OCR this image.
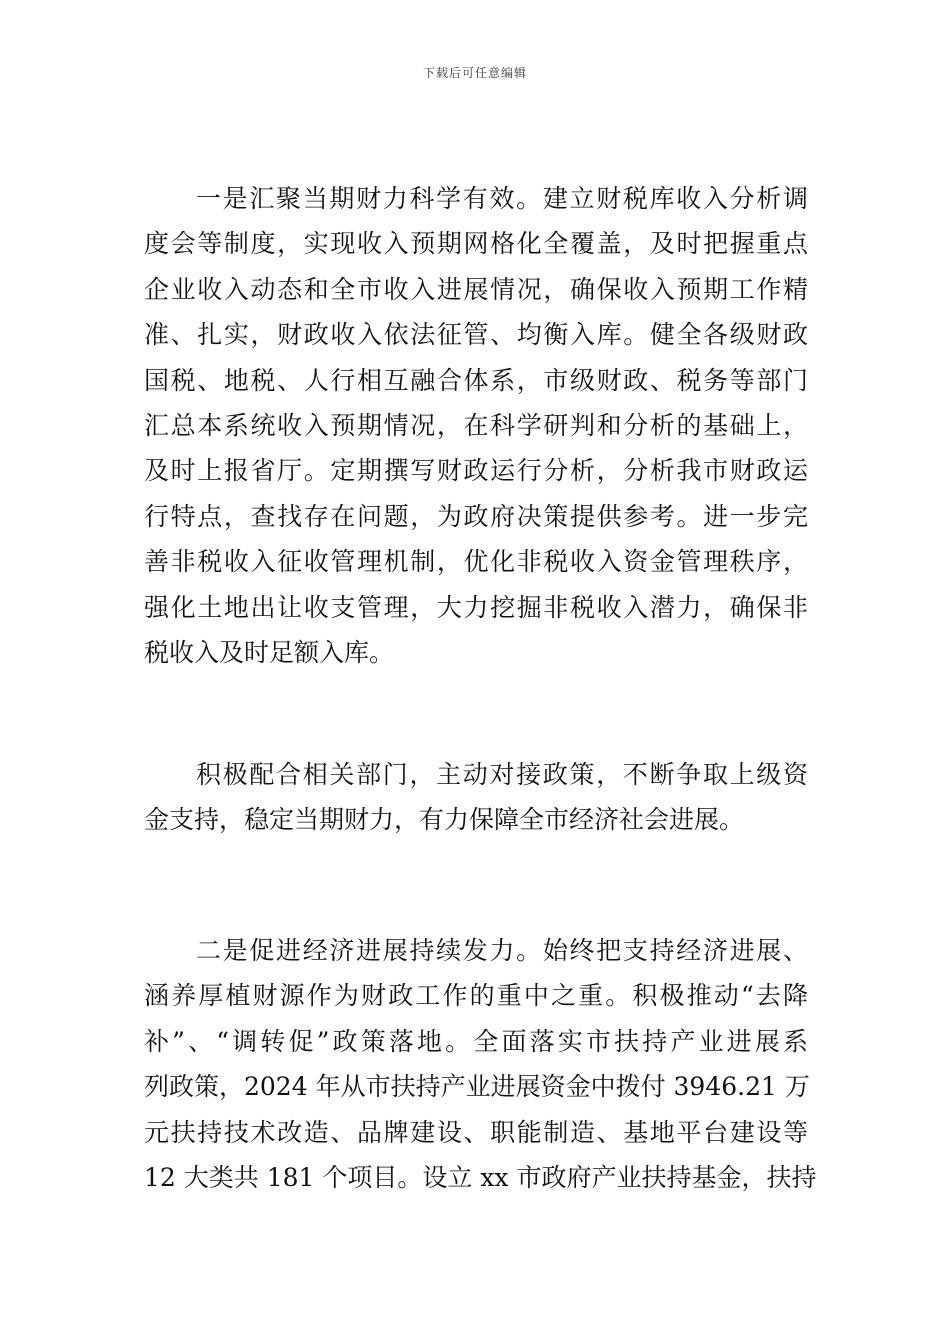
下载后可任意编辑
一是汇聚当期财力科学有效。建立财税库收入分析调
度会等制度，实现收入预期网格化全覆盖，及时把握重点
企业收入动态和全市收入进展情况，确保收入预期工作精
准、扎实，财政收入依法征管、均衡入库。健全各级财政
国税、地税、人行相互融合体系，市级财政、税务等部门
汇总本系统收入预期情况，在科学研判和分析的基础上，
及时上报省厅。定期撰写财政运行分析，分析我市财政运
行特点，查找存在问题，为政府决策提供参考。进一步完
善非税收入征收管理机制，优化非税收入资金管理秩序，
强化土地出让收支管理，大力挖掘非税收入潜力，确保非
税收入及时足额入库。
积极配合相关部门，主动对接政策，不断争取上级资
金支持，稳定当期财力，有力保障全市经济社会进展。
二是促进经济进展持续发力。始终把支持经济进展、
涵养厚植财源作为财政工作的重中之重。积极推动“去降
补”、“调转促”政策落地。全面落实市扶持产业进展系
列政策，2024 年从市扶持产业进展资金中拨付 3946.21 万
元扶持技术改造、品牌建设、职能制造、基地平台建设等
12 大类共 181 个项目。设立 xx 市政府产业扶持基金，扶持
